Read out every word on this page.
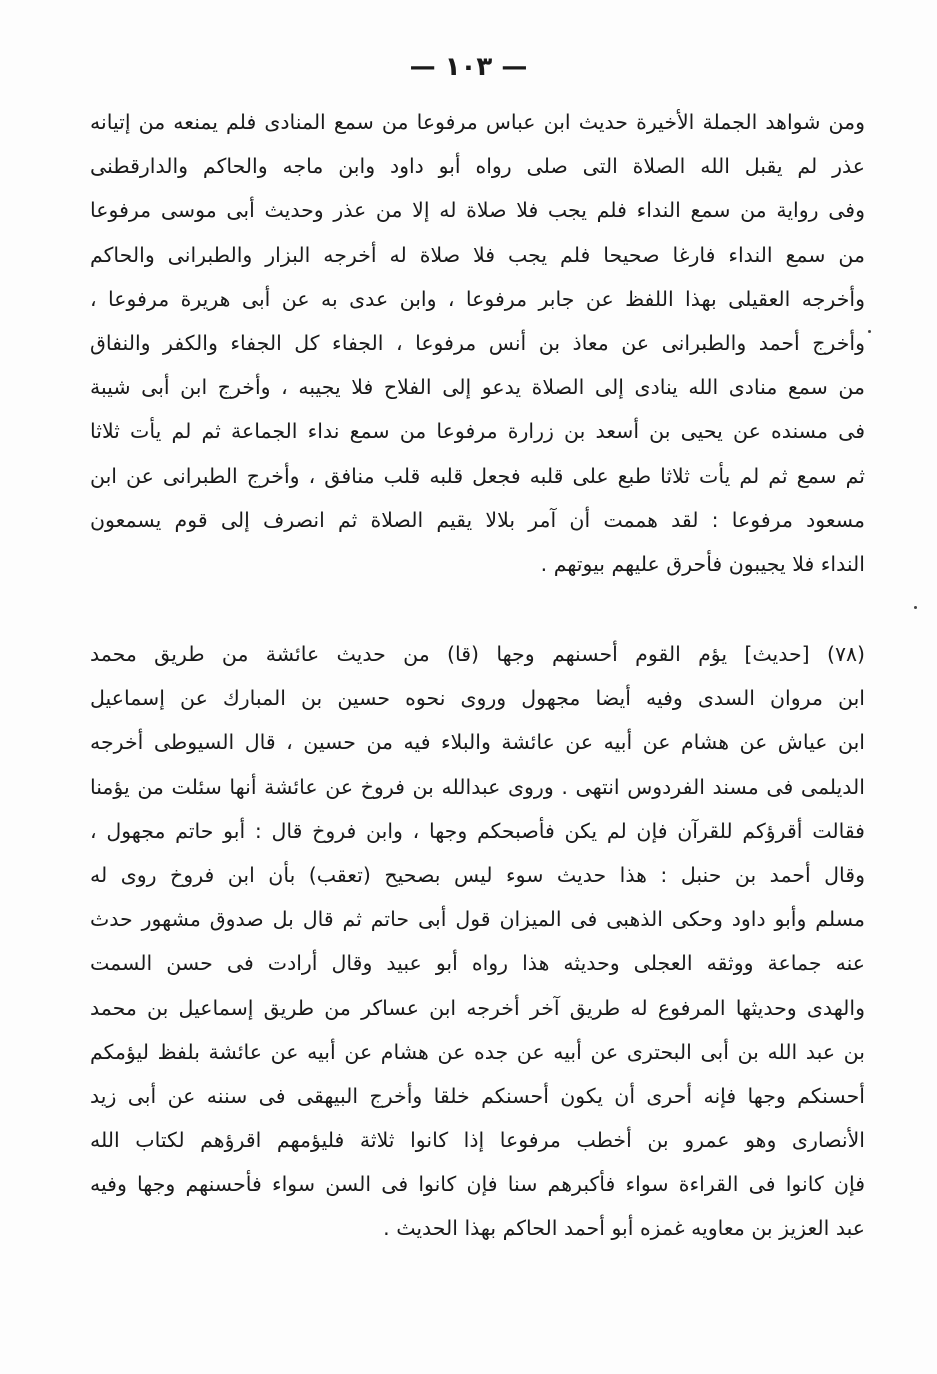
— ١٠٣ —
ومن شواهد الجملة الأخيرة حديث ابن عباس مرفوعا من سمع المنادى فلم يمنعه من إتيانه
عذر لم يقبل الله الصلاة التى صلى رواه أبو داود وابن ماجه والحاكم والدارقطنى
وفى رواية من سمع النداء فلم يجب فلا صلاة له إلا من عذر وحديث أبى موسى مرفوعا
من سمع النداء فارغا صحيحا فلم يجب فلا صلاة له أخرجه البزار والطبرانى والحاكم
وأخرجه العقيلى بهذا اللفظ عن جابر مرفوعا ، وابن عدى به عن أبى هريرة مرفوعا ،
وأخرج أحمد والطبرانى عن معاذ بن أنس مرفوعا ، الجفاء كل الجفاء والكفر والنفاق
من سمع منادى الله ينادى إلى الصلاة يدعو إلى الفلاح فلا يجيبه ، وأخرج ابن أبى شيبة
فى مسنده عن يحيى بن أسعد بن زرارة مرفوعا من سمع نداء الجماعة ثم لم يأت ثلاثا
ثم سمع ثم لم يأت ثلاثا طبع على قلبه فجعل قلبه قلب منافق ، وأخرج الطبرانى عن ابن
مسعود مرفوعا : لقد هممت أن آمر بلالا يقيم الصلاة ثم انصرف إلى قوم يسمعون
النداء فلا يجيبون فأحرق عليهم بيوتهم .
(٧٨) [حديث] يؤم القوم أحسنهم وجها (قا) من حديث عائشة من طريق محمد
ابن مروان السدى وفيه أيضا مجهول وروى نحوه حسين بن المبارك عن إسماعيل
ابن عياش عن هشام عن أبيه عن عائشة والبلاء فيه من حسين ، قال السيوطى أخرجه
الديلمى فى مسند الفردوس انتهى . وروى عبدالله بن فروخ عن عائشة أنها سئلت من يؤمنا
فقالت أقرؤكم للقرآن فإن لم يكن فأصبحكم وجها ، وابن فروخ قال : أبو حاتم مجهول ،
وقال أحمد بن حنبل : هذا حديث سوء ليس بصحيح (تعقب) بأن ابن فروخ روى له
مسلم وأبو داود وحكى الذهبى فى الميزان قول أبى حاتم ثم قال بل صدوق مشهور حدث
عنه جماعة ووثقه العجلى وحديثه هذا رواه أبو عبيد وقال أرادت فى حسن السمت
والهدى وحديثها المرفوع له طريق آخر أخرجه ابن عساكر من طريق إسماعيل بن محمد
بن عبد الله بن أبى البحترى عن أبيه عن جده عن هشام عن أبيه عن عائشة بلفظ ليؤمكم
أحسنكم وجها فإنه أحرى أن يكون أحسنكم خلقا وأخرج البيهقى فى سننه عن أبى زيد
الأنصارى وهو عمرو بن أخطب مرفوعا إذا كانوا ثلاثة فليؤمهم اقرؤهم لكتاب الله
فإن كانوا فى القراءة سواء فأكبرهم سنا فإن كانوا فى السن سواء فأحسنهم وجها وفيه
عبد العزيز بن معاويه غمزه أبو أحمد الحاكم بهذا الحديث .
